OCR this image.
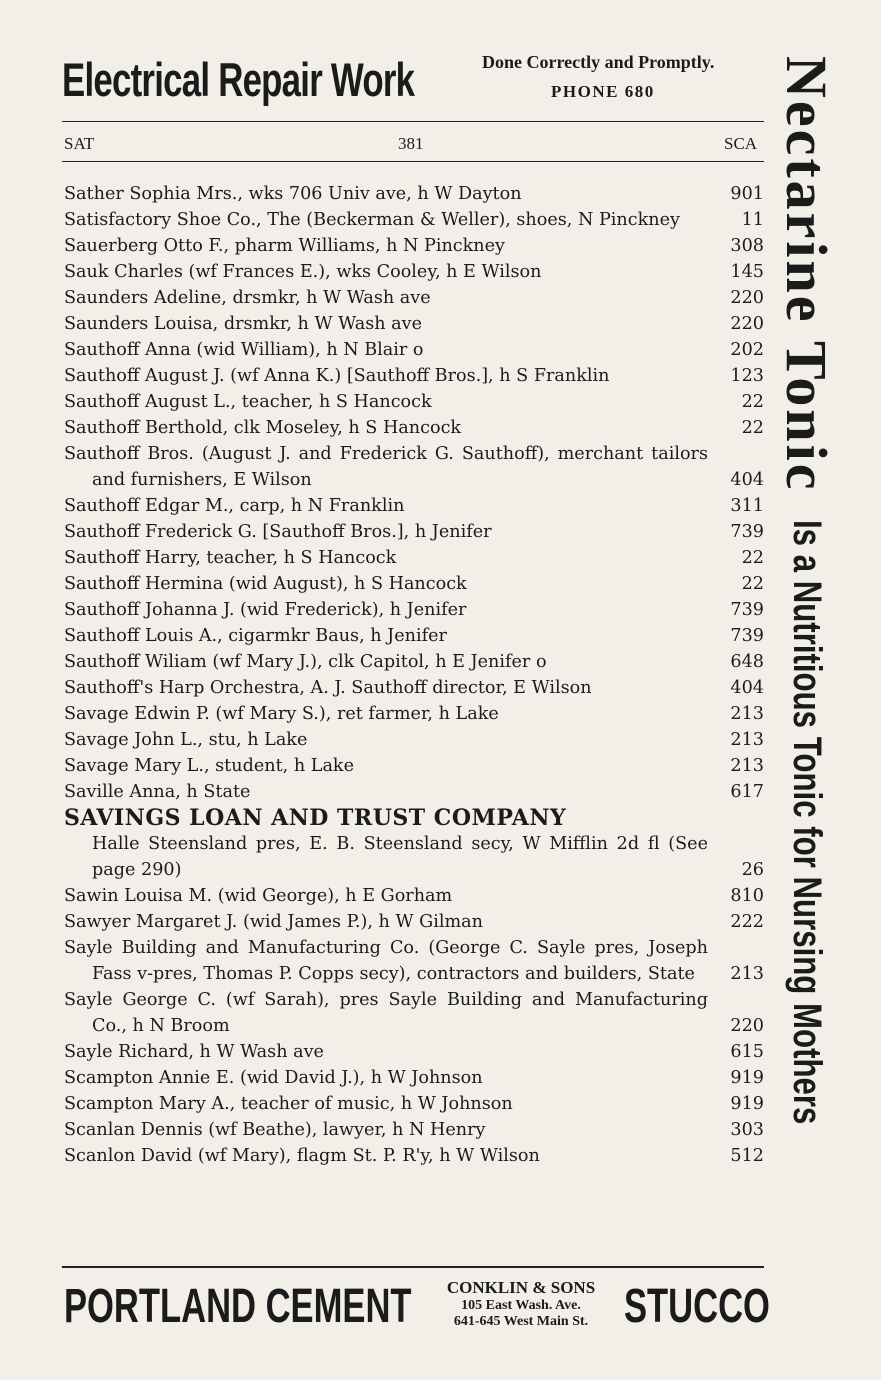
Electrical Repair Work	Done Correctly and Promptly.
PHONE 680
SAT	381	SCA
Sather Sophia Mrs., wks 706 Univ ave, h W Dayton	901
Satisfactory Shoe Co., The (Beckerman & Weller), shoes, N Pinckney	11
Sauerberg Otto F., pharm Williams, h N Pinckney	308
Sauk Charles (wf Frances E.), wks Cooley, h E Wilson	145
Saunders Adeline, drsmkr, h W Wash ave	220
Saunders Louisa, drsmkr, h W Wash ave	220
Sauthoff Anna (wid William), h N Blair o	202
Sauthoff August J. (wf Anna K.) [Sauthoff Bros.], h S Franklin	123
Sauthoff August L., teacher, h S Hancock	22
Sauthoff Berthold, clk Moseley, h S Hancock	22
Sauthoff Bros. (August J. and Frederick G. Sauthoff), merchant tailors and furnishers, E Wilson	404
Sauthoff Edgar M., carp, h N Franklin	311
Sauthoff Frederick G. [Sauthoff Bros.], h Jenifer	739
Sauthoff Harry, teacher, h S Hancock	22
Sauthoff Hermina (wid August), h S Hancock	22
Sauthoff Johanna J. (wid Frederick), h Jenifer	739
Sauthoff Louis A., cigarmkr Baus, h Jenifer	739
Sauthoff Wiliam (wf Mary J.), clk Capitol, h E Jenifer o	648
Sauthoff's Harp Orchestra, A. J. Sauthoff director, E Wilson	404
Savage Edwin P. (wf Mary S.), ret farmer, h Lake	213
Savage John L., stu, h Lake	213
Savage Mary L., student, h Lake	213
Saville Anna, h State	617
SAVINGS LOAN AND TRUST COMPANY
Halle Steensland pres, E. B. Steensland secy, W Mifflin 2d fl (See page 290)	26
Sawin Louisa M. (wid George), h E Gorham	810
Sawyer Margaret J. (wid James P.), h W Gilman	222
Sayle Building and Manufacturing Co. (George C. Sayle pres, Joseph Fass v-pres, Thomas P. Copps secy), contractors and builders, State	213
Sayle George C. (wf Sarah), pres Sayle Building and Manufacturing Co., h N Broom	220
Sayle Richard, h W Wash ave	615
Scampton Annie E. (wid David J.), h W Johnson	919
Scampton Mary A., teacher of music, h W Johnson	919
Scanlan Dennis (wf Beathe), lawyer, h N Henry	303
Scanlon David (wf Mary), flagm St. P. R'y, h W Wilson	512
Nectarine Tonic
Is a Nutritious Tonic for Nursing Mothers
PORTLAND CEMENT	CONKLIN & SONS
105 East Wash. Ave.
641-645 West Main St. STUCCO
